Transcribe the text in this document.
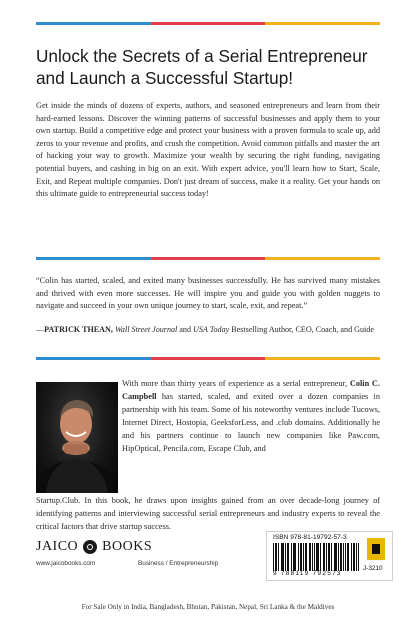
Unlock the Secrets of a Serial Entrepreneur and Launch a Successful Startup!
Get inside the minds of dozens of experts, authors, and seasoned entrepreneurs and learn from their hard-earned lessons. Discover the winning patterns of successful businesses and apply them to your own startup. Build a competitive edge and protect your business with a proven formula to scale up, add zeros to your revenue and profits, and crush the competition. Avoid common pitfalls and master the art of hacking your way to growth. Maximize your wealth by securing the right funding, navigating potential buyers, and cashing in big on an exit. With expert advice, you'll learn how to Start, Scale, Exit, and Repeat multiple companies. Don't just dream of success, make it a reality. Get your hands on this ultimate guide to entrepreneurial success today!
“Colin has started, scaled, and exited many businesses successfully. He has survived many mistakes and thrived with even more successes. He will inspire you and guide you with golden nuggets to navigate and succeed in your own unique journey to start, scale, exit, and repeat.”
—PATRICK THEAN, Wall Street Journal and USA Today Bestselling Author, CEO, Coach, and Guide
With more than thirty years of experience as a serial entrepreneur, Colin C. Campbell has started, scaled, and exited over a dozen companies in partnership with his team. Some of his noteworthy ventures include Tucows, Internet Direct, Hostopia, GeeksforLess, and .club domains. Additionally he and his partners continue to launch new companies like Paw.com, HipOptical, Pencila.com, Escape Club, and
Startup.Club. In this book, he draws upon insights gained from an over decade-long journey of identifying patterns and interviewing successful serial entrepreneurs and industry experts to reveal the critical factors that drive startup success.
JAICO BOOKS
www.jaicobooks.com	Business / Entrepreneurship
ISBN 978-81-19792-57-3
9 788119 792573
J-3210
For Sale Only in India, Bangladesh, Bhutan, Pakistan, Nepal, Sri Lanka & the Maldives
